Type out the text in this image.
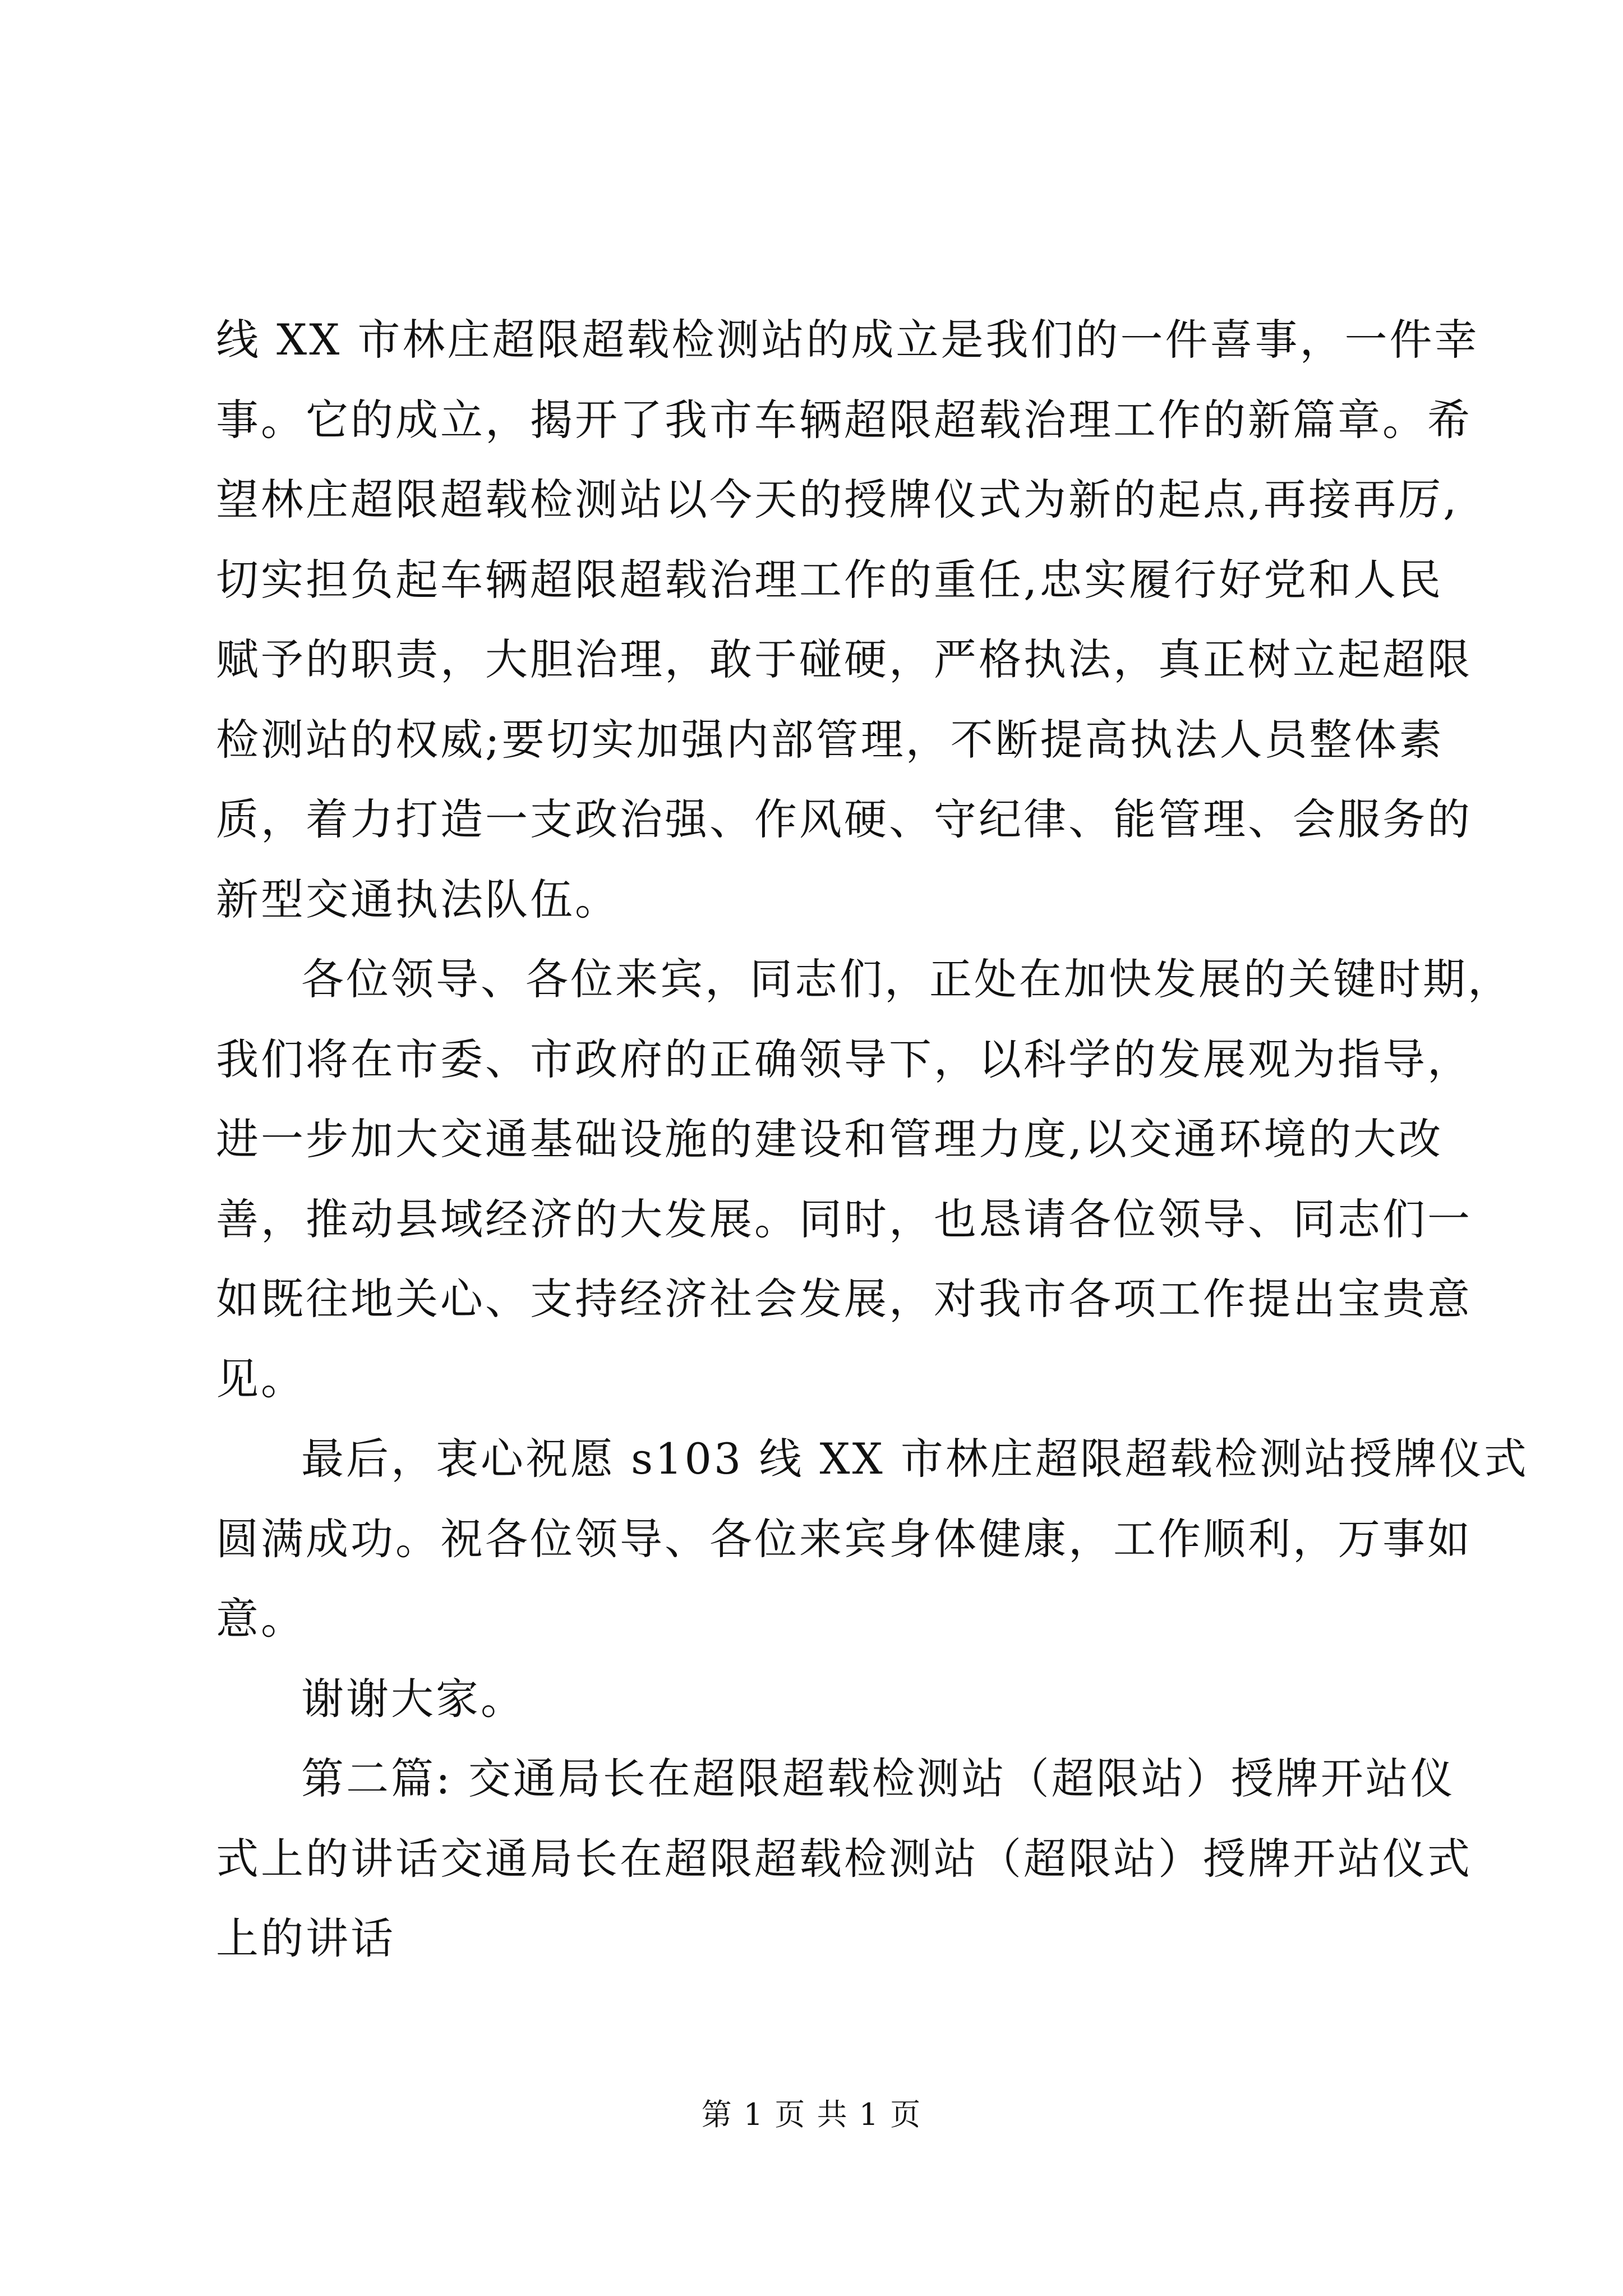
线 XX 市林庄超限超载检测站的成立是我们的一件喜事，一件幸
事。它的成立，揭开了我市车辆超限超载治理工作的新篇章。希
望林庄超限超载检测站以今天的授牌仪式为新的起点,再接再厉,
切实担负起车辆超限超载治理工作的重任,忠实履行好党和人民
赋予的职责，大胆治理，敢于碰硬，严格执法，真正树立起超限
检测站的权威;要切实加强内部管理，不断提高执法人员整体素
质，着力打造一支政治强、作风硬、守纪律、能管理、会服务的
新型交通执法队伍。
各位领导、各位来宾，同志们，正处在加快发展的关键时期，
我们将在市委、市政府的正确领导下，以科学的发展观为指导，
进一步加大交通基础设施的建设和管理力度,以交通环境的大改
善，推动县域经济的大发展。同时，也恳请各位领导、同志们一
如既往地关心、支持经济社会发展，对我市各项工作提出宝贵意
见。
最后，衷心祝愿 s103 线 XX 市林庄超限超载检测站授牌仪式
圆满成功。祝各位领导、各位来宾身体健康，工作顺利，万事如
意。
谢谢大家。
第二篇: 交通局长在超限超载检测站（超限站）授牌开站仪
式上的讲话交通局长在超限超载检测站（超限站）授牌开站仪式
上的讲话
第 1 页 共 1 页
